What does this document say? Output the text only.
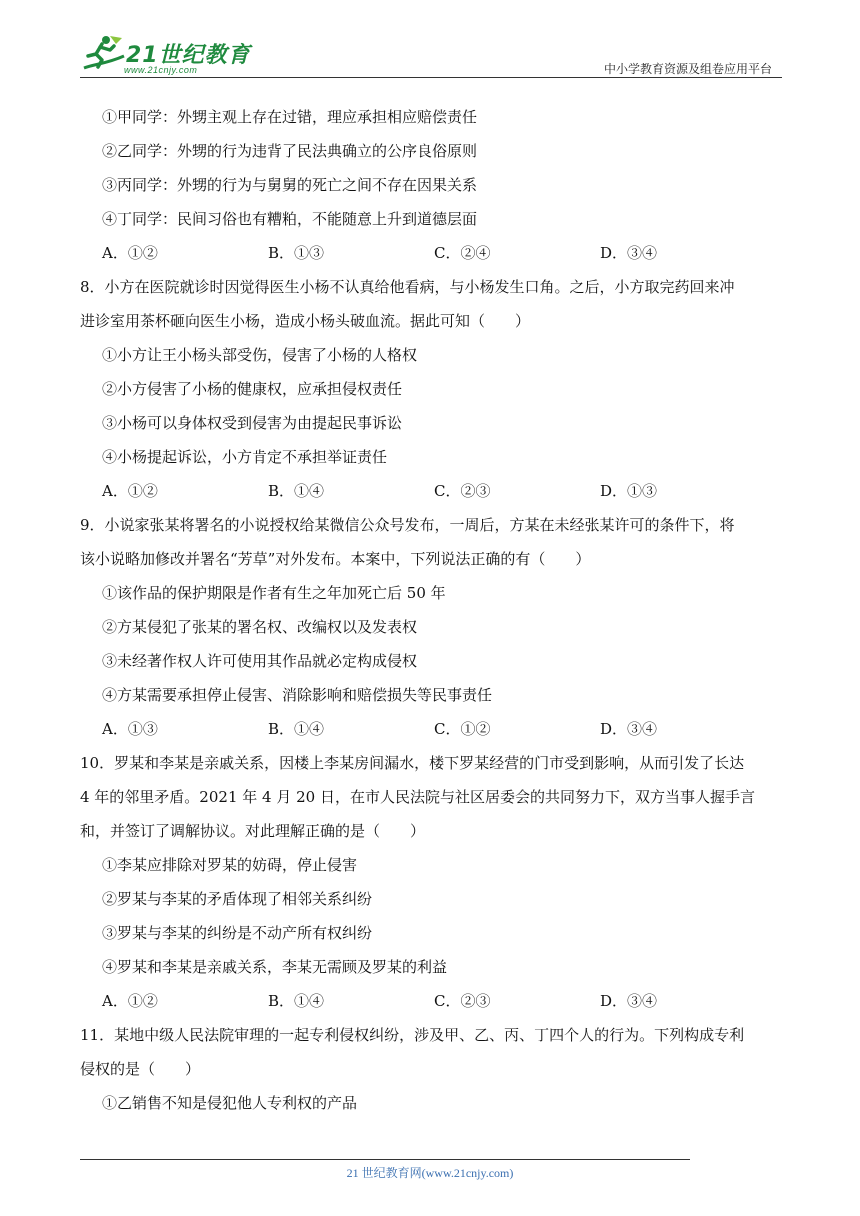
21世纪教育
www.21cnjy.com	中小学教育资源及组卷应用平台
①甲同学：外甥主观上存在过错，理应承担相应赔偿责任
②乙同学：外甥的行为违背了民法典确立的公序良俗原则
③丙同学：外甥的行为与舅舅的死亡之间不存在因果关系
④丁同学：民间习俗也有糟粕，不能随意上升到道德层面
A．①②	B．①③	C．②④	D．③④
8．小方在医院就诊时因觉得医生小杨不认真给他看病，与小杨发生口角。之后，小方取完药回来冲
进诊室用茶杯砸向医生小杨，造成小杨头破血流。据此可知（　　）
①小方让王小杨头部受伤，侵害了小杨的人格权
②小方侵害了小杨的健康权，应承担侵权责任
③小杨可以身体权受到侵害为由提起民事诉讼
④小杨提起诉讼，小方肯定不承担举证责任
A．①②	B．①④	C．②③	D．①③
9．小说家张某将署名的小说授权给某微信公众号发布，一周后，方某在未经张某许可的条件下，将
该小说略加修改并署名“芳草”对外发布。本案中，下列说法正确的有（　　）
①该作品的保护期限是作者有生之年加死亡后 50 年
②方某侵犯了张某的署名权、改编权以及发表权
③未经著作权人许可使用其作品就必定构成侵权
④方某需要承担停止侵害、消除影响和赔偿损失等民事责任
A．①③	B．①④	C．①②	D．③④
10．罗某和李某是亲戚关系，因楼上李某房间漏水，楼下罗某经营的门市受到影响，从而引发了长达
4 年的邻里矛盾。2021 年 4 月 20 日，在市人民法院与社区居委会的共同努力下，双方当事人握手言
和，并签订了调解协议。对此理解正确的是（　　）
①李某应排除对罗某的妨碍，停止侵害
②罗某与李某的矛盾体现了相邻关系纠纷
③罗某与李某的纠纷是不动产所有权纠纷
④罗某和李某是亲戚关系，李某无需顾及罗某的利益
A．①②	B．①④	C．②③	D．③④
11．某地中级人民法院审理的一起专利侵权纠纷，涉及甲、乙、丙、丁四个人的行为。下列构成专利
侵权的是（　　）
①乙销售不知是侵犯他人专利权的产品
21 世纪教育网(www.21cnjy.com)
